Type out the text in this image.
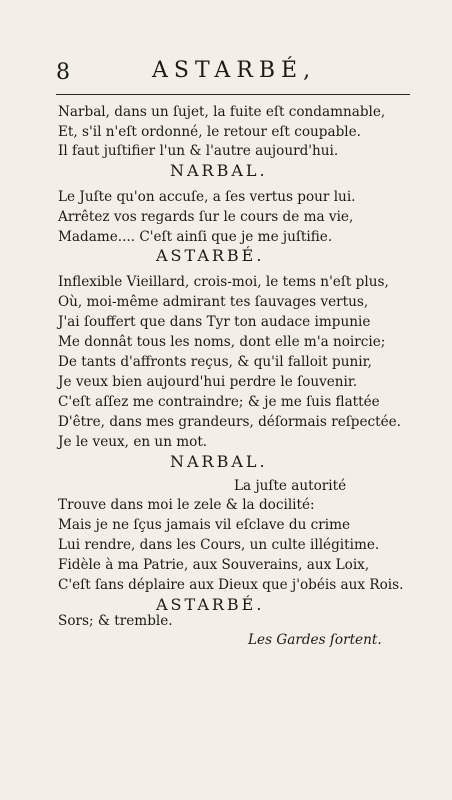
8	ASTARBÉ,
Narbal, dans un ſujet, la fuite eſt condamnable,
Et, s'il n'eſt ordonné, le retour eſt coupable.
Il faut juſtifier l'un & l'autre aujourd'hui.
NARBAL.
Le Juſte qu'on accuſe, a ſes vertus pour lui.
Arrêtez vos regards ſur le cours de ma vie,
Madame.... C'eſt ainſi que je me juſtifie.
ASTARBÉ.
Inflexible Vieillard, crois-moi, le tems n'eſt plus,
Où, moi-même admirant tes ſauvages vertus,
J'ai ſouffert que dans Tyr ton audace impunie
Me donnât tous les noms, dont elle m'a noircie;
De tants d'affronts reçus, & qu'il falloit punir,
Je veux bien aujourd'hui perdre le ſouvenir.
C'eſt aſſez me contraindre; & je me ſuis flattée
D'être, dans mes grandeurs, déſormais reſpectée.
Je le veux, en un mot.
NARBAL.
La juſte autorité
Trouve dans moi le zele & la docilité:
Mais je ne ſçus jamais vil eſclave du crime
Lui rendre, dans les Cours, un culte illégitime.
Fidèle à ma Patrie, aux Souverains, aux Loix,
C'eſt ſans déplaire aux Dieux que j'obéis aux Rois.
ASTARBÉ.
Sors; & tremble.
Les Gardes ſortent.
